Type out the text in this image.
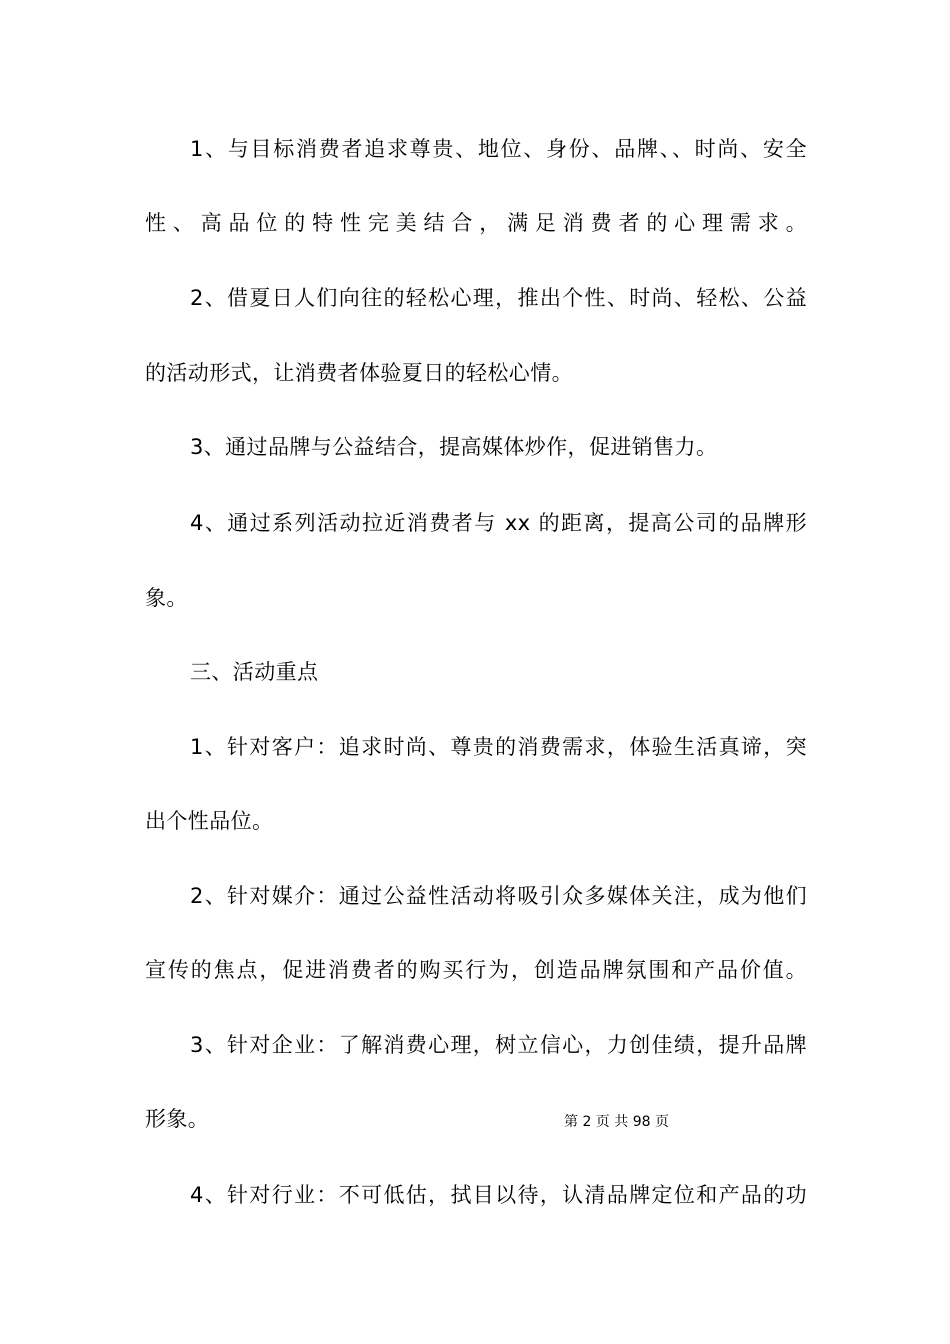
1、与目标消费者追求尊贵、地位、身份、品牌、、时尚、安全
性、高品位的特性完美结合，满足消费者的心理需求。
2、借夏日人们向往的轻松心理，推出个性、时尚、轻松、公益
的活动形式，让消费者体验夏日的轻松心情。
3、通过品牌与公益结合，提高媒体炒作，促进销售力。
4、通过系列活动拉近消费者与 xx 的距离，提高公司的品牌形
象。
三、活动重点
1、针对客户：追求时尚、尊贵的消费需求，体验生活真谛，突
出个性品位。
2、针对媒介：通过公益性活动将吸引众多媒体关注，成为他们
宣传的焦点，促进消费者的购买行为，创造品牌氛围和产品价值。
3、针对企业：了解消费心理，树立信心，力创佳绩，提升品牌
形象。	第 2 页 共 98 页
4、针对行业：不可低估，拭目以待，认清品牌定位和产品的功
